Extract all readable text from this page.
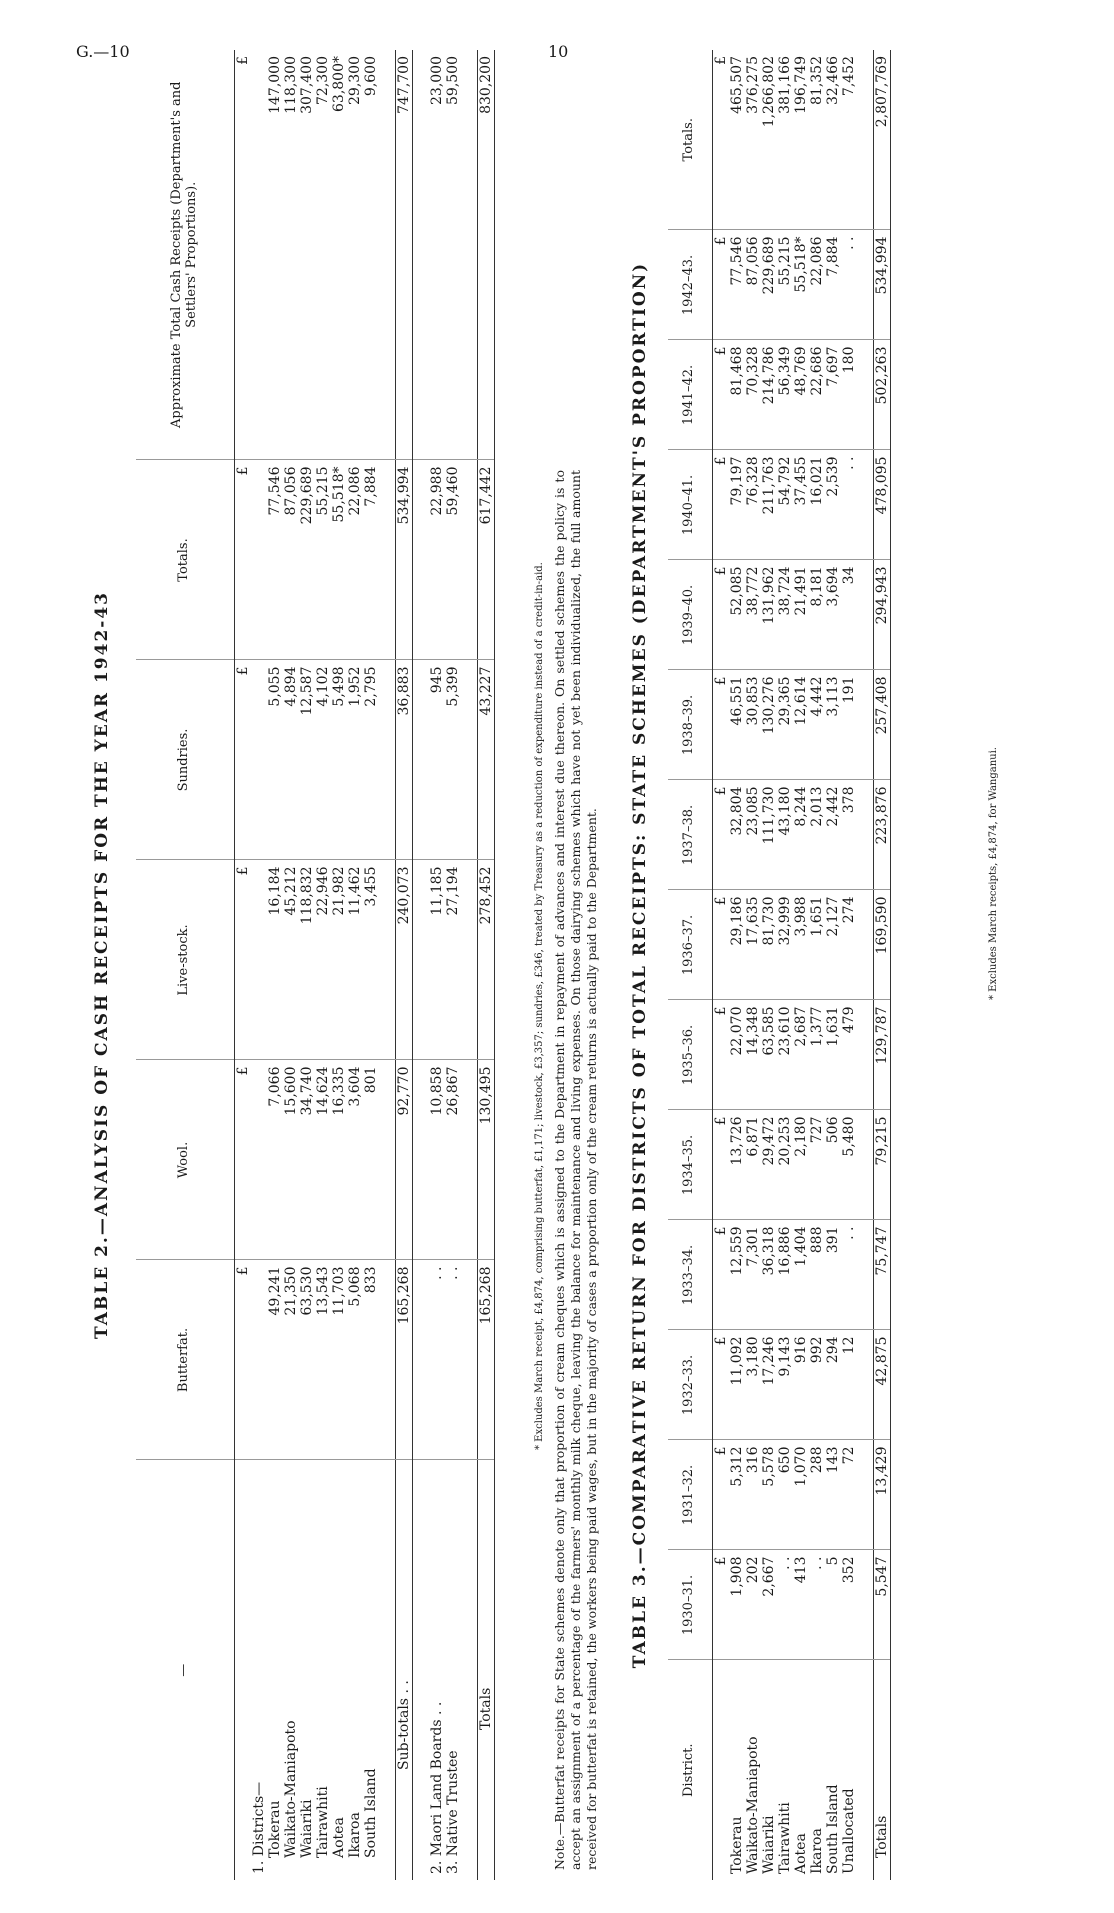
G.—10	10
TABLE 2.—ANALYSIS OF CASH RECEIPTS FOR THE YEAR 1942-43
—	Butterfat.	Wool.	Live-stock.	Sundries.	Totals.	Approximate Total Cash Receipts (Department's and Settlers' Proportions).
	£	£	£	£	£	£
1. Districts—						
Tokerau	49,241	7,066	16,184	5,055	77,546	147,000
Waikato-Maniapoto	21,350	15,600	45,212	4,894	87,056	118,300
Waiariki	63,530	34,740	118,832	12,587	229,689	307,400
Tairawhiti	13,543	14,624	22,946	4,102	55,215	72,300
Aotea	11,703	16,335	21,982	5,498	55,518*	63,800*
Ikaroa	5,068	3,604	11,462	1,952	22,086	29,300
South Island	833	801	3,455	2,795	7,884	9,600

Sub-totals . .	165,268	92,770	240,073	36,883	534,994	747,700

2. Maori Land Boards . .	. .	10,858	11,185	945	22,988	23,000
3. Native Trustee	. .	26,867	27,194	5,399	59,460	59,500

Totals	165,268	130,495	278,452	43,227	617,442	830,200
* Excludes March receipt, £4,874, comprising butterfat, £1,171; livestock, £3,357; sundries, £346, treated by Treasury as a reduction of expenditure instead of a credit-in-aid. Note.—Butterfat receipts for State schemes denote only that proportion of cream cheques which is assigned to the Department in repayment of advances and interest due thereon. On settled schemes the policy is to accept an assignment of a percentage of the farmers' monthly milk cheque, leaving the balance for maintenance and living expenses. On those dairying schemes which have not yet been individualized, the full amount received for butterfat is retained, the workers being paid wages, but in the majority of cases a proportion only of the cream returns is actually paid to the Department. TABLE 3.—COMPARATIVE RETURN FOR DISTRICTS OF TOTAL RECEIPTS: STATE SCHEMES (DEPARTMENT'S PROPORTION)
District.	1930–31.	1931–32.	1932–33.	1933–34.	1934–35.	1935–36.	1936–37.	1937–38.	1938–39.	1939–40.	1940–41.	1941–42.	1942–43.	Totals.
	£	£	£	£	£	£	£	£	£	£	£	£	£	£
Tokerau	1,908	5,312	11,092	12,559	13,726	22,070	29,186	32,804	46,551	52,085	79,197	81,468	77,546	465,507
Waikato-Maniapoto	202	316	3,180	7,301	6,871	14,348	17,635	23,085	30,853	38,772	76,328	70,328	87,056	376,275
Waiariki	2,667	5,578	17,246	36,318	29,472	63,585	81,730	111,730	130,276	131,962	211,763	214,786	229,689	1,266,802
Tairawhiti	. .	650	9,143	16,886	20,253	23,610	32,999	43,180	29,365	38,724	54,792	56,349	55,215	381,166
Aotea	413	1,070	916	1,404	2,180	2,687	3,988	8,244	12,614	21,491	37,455	48,769	55,518*	196,749
Ikaroa	. .	288	992	888	727	1,377	1,651	2,013	4,442	8,181	16,021	22,686	22,086	81,352
South Island	5	143	294	391	506	1,631	2,127	2,442	3,113	3,694	2,539	7,697	7,884	32,466
Unallocated	352	72	12	. .	5,480	479	274	378	191	34	. .	180	. .	7,452

Totals	5,547	13,429	42,875	75,747	79,215	129,787	169,590	223,876	257,408	294,943	478,095	502,263	534,994	2,807,769
* Excludes March receipts, £4,874, for Wanganui.
